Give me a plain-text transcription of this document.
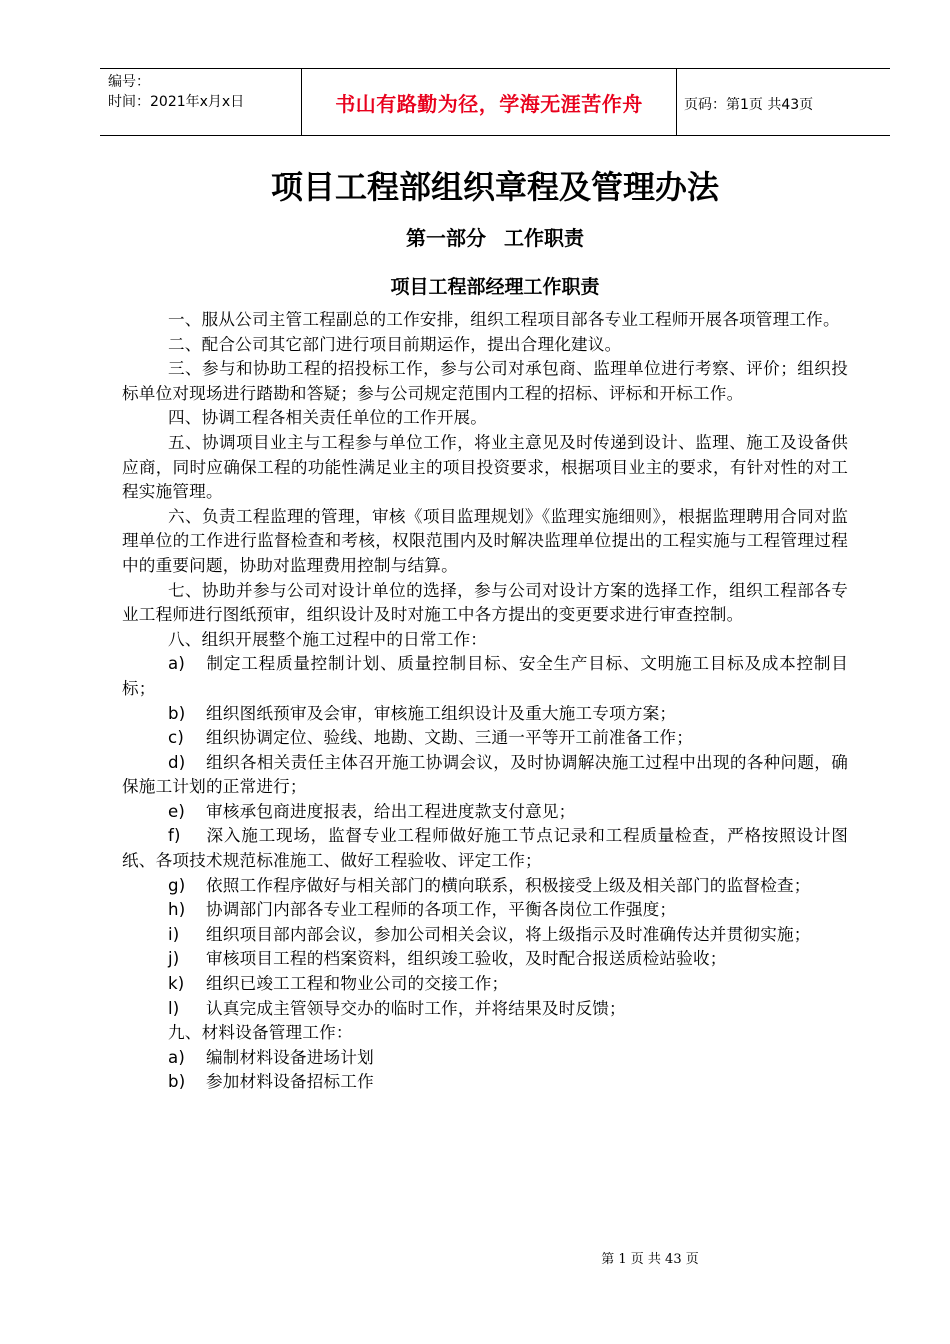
编号：
时间：2021年x月x日	书山有路勤为径，学海无涯苦作舟	页码：第1页 共43页
项目工程部组织章程及管理办法
第一部分 工作职责
项目工程部经理工作职责

一、服从公司主管工程副总的工作安排，组织工程项目部各专业工程师开展各项管理工作。

二、配合公司其它部门进行项目前期运作，提出合理化建议。

三、参与和协助工程的招投标工作，参与公司对承包商、监理单位进行考察、评价；组织投标单位对现场进行踏勘和答疑；参与公司规定范围内工程的招标、评标和开标工作。

四、协调工程各相关责任单位的工作开展。

五、协调项目业主与工程参与单位工作，将业主意见及时传递到设计、监理、施工及设备供应商，同时应确保工程的功能性满足业主的项目投资要求，根据项目业主的要求，有针对性的对工程实施管理。

六、负责工程监理的管理，审核《项目监理规划》《监理实施细则》，根据监理聘用合同对监理单位的工作进行监督检查和考核，权限范围内及时解决监理单位提出的工程实施与工程管理过程中的重要问题，协助对监理费用控制与结算。

七、协助并参与公司对设计单位的选择，参与公司对设计方案的选择工作，组织工程部各专业工程师进行图纸预审，组织设计及时对施工中各方提出的变更要求进行审查控制。

八、组织开展整个施工过程中的日常工作：

a) 制定工程质量控制计划、质量控制目标、安全生产目标、文明施工目标及成本控制目标；

b) 组织图纸预审及会审，审核施工组织设计及重大施工专项方案；

c) 组织协调定位、验线、地勘、文勘、三通一平等开工前准备工作；

d) 组织各相关责任主体召开施工协调会议，及时协调解决施工过程中出现的各种问题，确保施工计划的正常进行；

e) 审核承包商进度报表，给出工程进度款支付意见；

f) 深入施工现场，监督专业工程师做好施工节点记录和工程质量检查，严格按照设计图纸、各项技术规范标准施工、做好工程验收、评定工作；

g) 依照工作程序做好与相关部门的横向联系，积极接受上级及相关部门的监督检查；

h) 协调部门内部各专业工程师的各项工作，平衡各岗位工作强度；

i) 组织项目部内部会议，参加公司相关会议，将上级指示及时准确传达并贯彻实施；

j) 审核项目工程的档案资料，组织竣工验收，及时配合报送质检站验收；

k) 组织已竣工工程和物业公司的交接工作；

l) 认真完成主管领导交办的临时工作，并将结果及时反馈；

九、材料设备管理工作：

a) 编制材料设备进场计划

b) 参加材料设备招标工作

第 1 页 共 43 页
